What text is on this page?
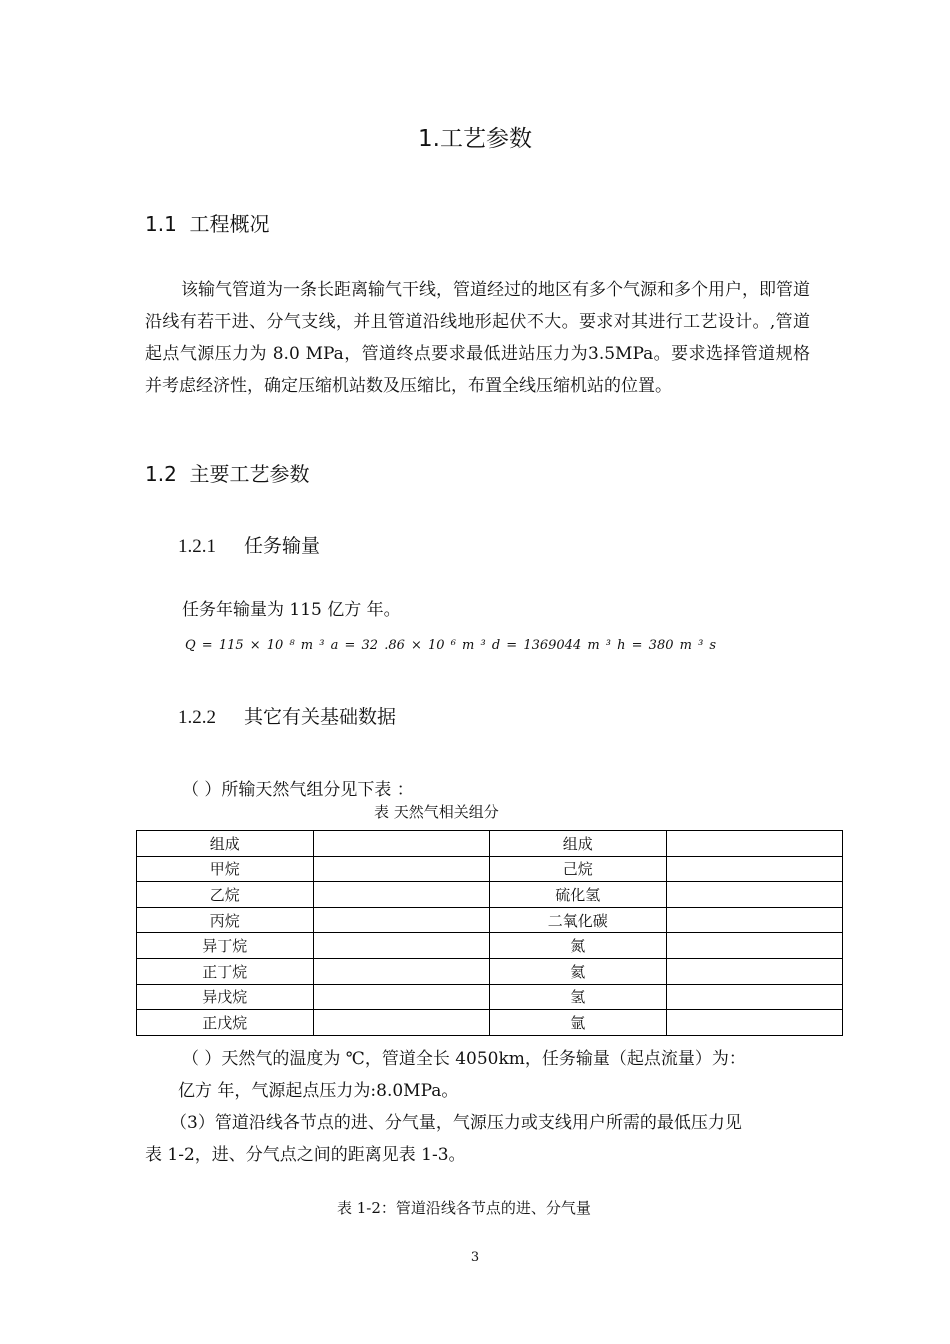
1.工艺参数
1.1 工程概况
该输气管道为一条长距离输气干线，管道经过的地区有多个气源和多个用户，即管道沿线有若干进、分气支线，并且管道沿线地形起伏不大。要求对其进行工艺设计。,管道起点气源压力为 8.0 MPa，管道终点要求最低进站压力为3.5MPa。要求选择管道规格并考虑经济性，确定压缩机站数及压缩比，布置全线压缩机站的位置。
1.2 主要工艺参数
1.2.1 任务输量
任务年输量为 115 亿方 年。
Q = 115 × 10 ⁸ m ³ a = 32 .86 × 10 ⁶ m ³ d = 1369044 m ³ h = 380 m ³ s
1.2.2 其它有关基础数据
（ ）所输天然气组分见下表 ：
表 天然气相关组分
组成		组成	
甲烷		己烷	
乙烷		硫化氢	
丙烷		二氧化碳	
异丁烷		氮	
正丁烷		氦	
异戊烷		氢	
正戊烷		氩	
（ ）天然气的温度为 ℃，管道全长 4050km，任务输量（起点流量）为：
亿方 年，气源起点压力为:8.0MPa。
（3）管道沿线各节点的进、分气量，气源压力或支线用户所需的最低压力见
表 1-2，进、分气点之间的距离见表 1-3。
表 1-2：管道沿线各节点的进、分气量
3
